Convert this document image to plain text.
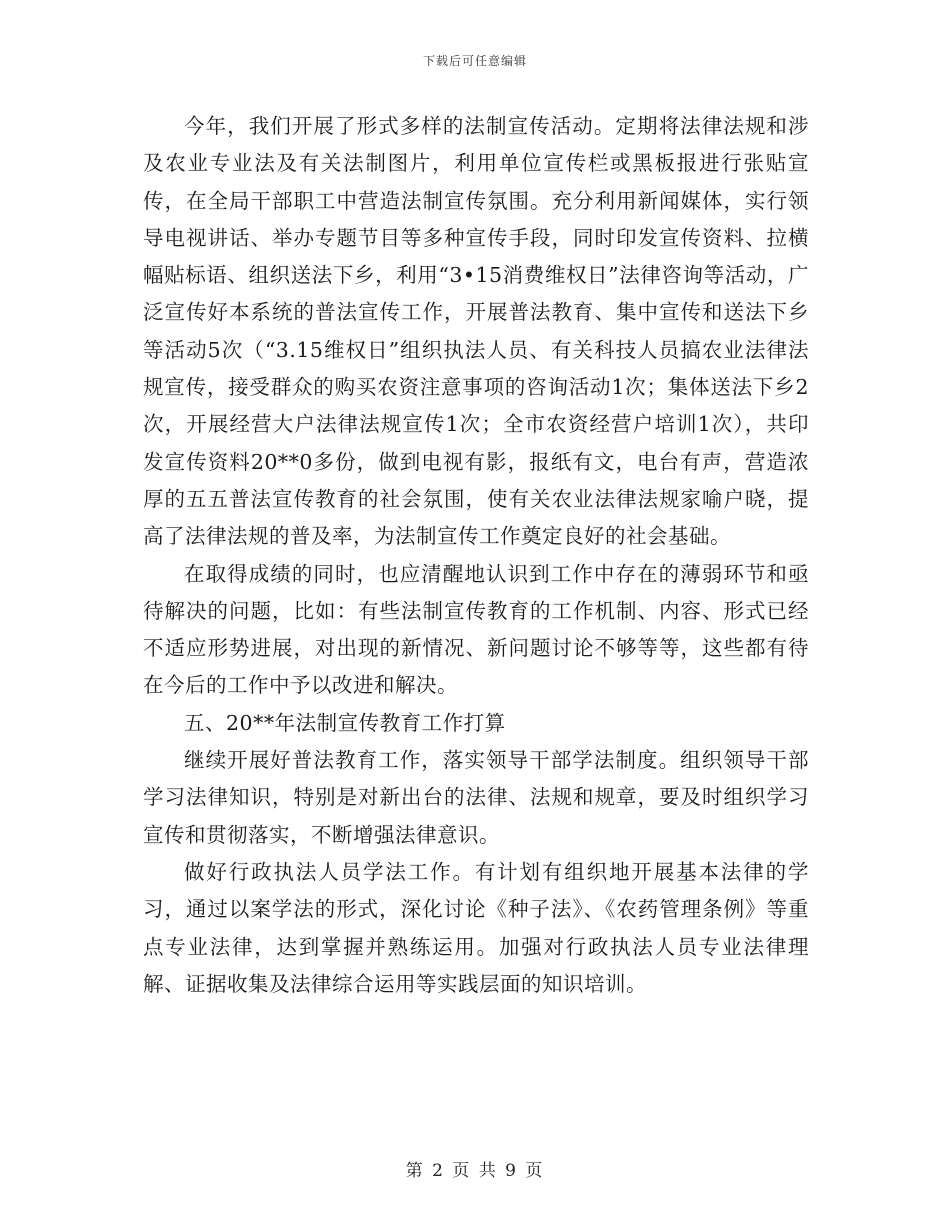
下载后可任意编辑

今年，我们开展了形式多样的法制宣传活动。定期将法律法规和涉及农业专业法及有关法制图片，利用单位宣传栏或黑板报进行张贴宣传，在全局干部职工中营造法制宣传氛围。充分利用新闻媒体，实行领导电视讲话、举办专题节目等多种宣传手段，同时印发宣传资料、拉横幅贴标语、组织送法下乡，利用“3•15消费维权日”法律咨询等活动，广泛宣传好本系统的普法宣传工作，开展普法教育、集中宣传和送法下乡等活动5次（“3.15维权日”组织执法人员、有关科技人员搞农业法律法规宣传，接受群众的购买农资注意事项的咨询活动1次；集体送法下乡2次，开展经营大户法律法规宣传1次；全市农资经营户培训1次），共印发宣传资料20**0多份，做到电视有影，报纸有文，电台有声，营造浓厚的五五普法宣传教育的社会氛围，使有关农业法律法规家喻户晓，提高了法律法规的普及率，为法制宣传工作奠定良好的社会基础。

在取得成绩的同时，也应清醒地认识到工作中存在的薄弱环节和亟待解决的问题，比如：有些法制宣传教育的工作机制、内容、形式已经不适应形势进展，对出现的新情况、新问题讨论不够等等，这些都有待在今后的工作中予以改进和解决。

五、20**年法制宣传教育工作打算

继续开展好普法教育工作，落实领导干部学法制度。组织领导干部学习法律知识，特别是对新出台的法律、法规和规章，要及时组织学习宣传和贯彻落实，不断增强法律意识。

做好行政执法人员学法工作。有计划有组织地开展基本法律的学习，通过以案学法的形式，深化讨论《种子法》、《农药管理条例》等重点专业法律，达到掌握并熟练运用。加强对行政执法人员专业法律理解、证据收集及法律综合运用等实践层面的知识培训。

第 2 页 共 9 页
